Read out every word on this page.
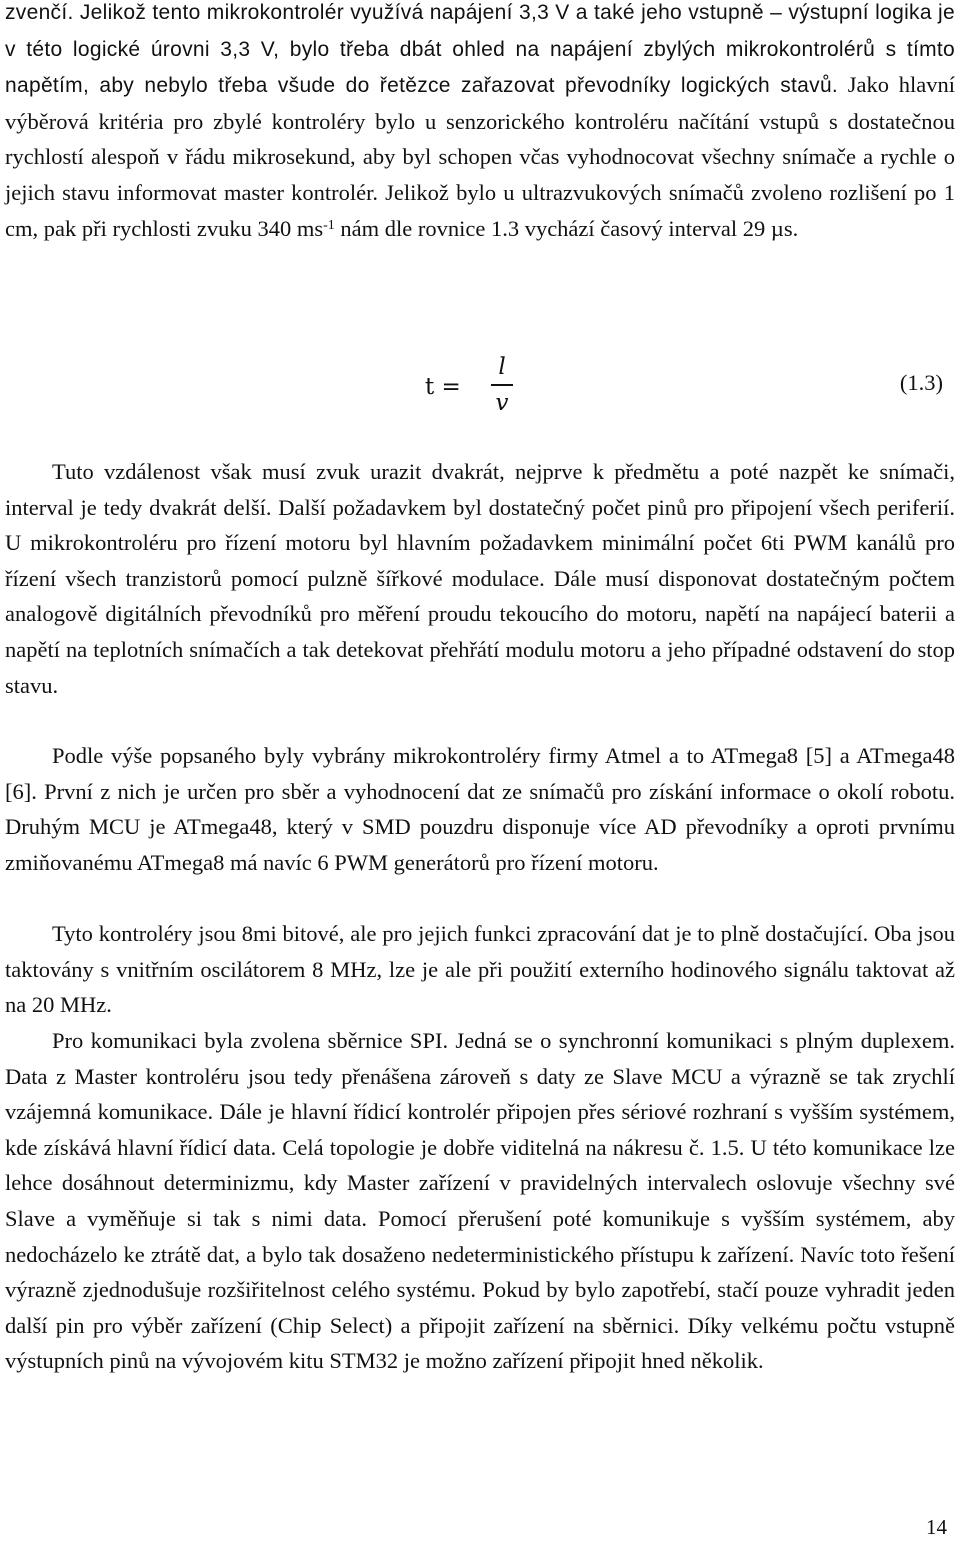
zvenčí. Jelikož tento mikrokontrolér využívá napájení 3,3 V a také jeho vstupně – výstupní logika je v této logické úrovni 3,3 V, bylo třeba dbát ohled na napájení zbylých mikrokontrolérů s tímto napětím, aby nebylo třeba všude do řetězce zařazovat převodníky logických stavů. Jako hlavní výběrová kritéria pro zbylé kontroléry bylo u senzorického kontroléru načítání vstupů s dostatečnou rychlostí alespoň v řádu mikrosekund, aby byl schopen včas vyhodnocovat všechny snímače a rychle o jejich stavu informovat master kontrolér. Jelikož bylo u ultrazvukových snímačů zvoleno rozlišení po 1 cm, pak při rychlosti zvuku 340 $ms^{-1}$ nám dle rovnice 1.3 vychází časový interval 29 µs.

t =
l
v
(1.3)

Tuto vzdálenost však musí zvuk urazit dvakrát, nejprve k předmětu a poté nazpět ke snímači, interval je tedy dvakrát delší. Další požadavkem byl dostatečný počet pinů pro připojení všech periferií. U mikrokontroléru pro řízení motoru byl hlavním požadavkem minimální počet 6ti PWM kanálů pro řízení všech tranzistorů pomocí pulzně šířkové modulace. Dále musí disponovat dostatečným počtem analogově digitálních převodníků pro měření proudu tekoucího do motoru, napětí na napájecí baterii a napětí na teplotních snímačích a tak detekovat přehřátí modulu motoru a jeho případné odstavení do stop stavu.

Podle výše popsaného byly vybrány mikrokontroléry firmy Atmel a to ATmega8 [5] a ATmega48 [6]. První z nich je určen pro sběr a vyhodnocení dat ze snímačů pro získání informace o okolí robotu. Druhým MCU je ATmega48, který v SMD pouzdru disponuje více AD převodníky a oproti prvnímu zmiňovanému ATmega8 má navíc 6 PWM generátorů pro řízení motoru.

Tyto kontroléry jsou 8mi bitové, ale pro jejich funkci zpracování dat je to plně dostačující. Oba jsou taktovány s vnitřním oscilátorem 8 MHz, lze je ale při použití externího hodinového signálu taktovat až na 20 MHz.

Pro komunikaci byla zvolena sběrnice SPI. Jedná se o synchronní komunikaci s plným duplexem. Data z Master kontroléru jsou tedy přenášena zároveň s daty ze Slave MCU a výrazně se tak zrychlí vzájemná komunikace. Dále je hlavní řídicí kontrolér připojen přes sériové rozhraní s vyšším systémem, kde získává hlavní řídicí data. Celá topologie je dobře viditelná na nákresu č. 1.5. U této komunikace lze lehce dosáhnout determinizmu, kdy Master zařízení v pravidelných intervalech oslovuje všechny své Slave a vyměňuje si tak s nimi data. Pomocí přerušení poté komunikuje s vyšším systémem, aby nedocházelo ke ztrátě dat, a bylo tak dosaženo nedeterministického přístupu k zařízení. Navíc toto řešení výrazně zjednodušuje rozšiřitelnost celého systému. Pokud by bylo zapotřebí, stačí pouze vyhradit jeden další pin pro výběr zařízení (Chip Select) a připojit zařízení na sběrnici. Díky velkému počtu vstupně výstupních pinů na vývojovém kitu STM32 je možno zařízení připojit hned několik.

14
